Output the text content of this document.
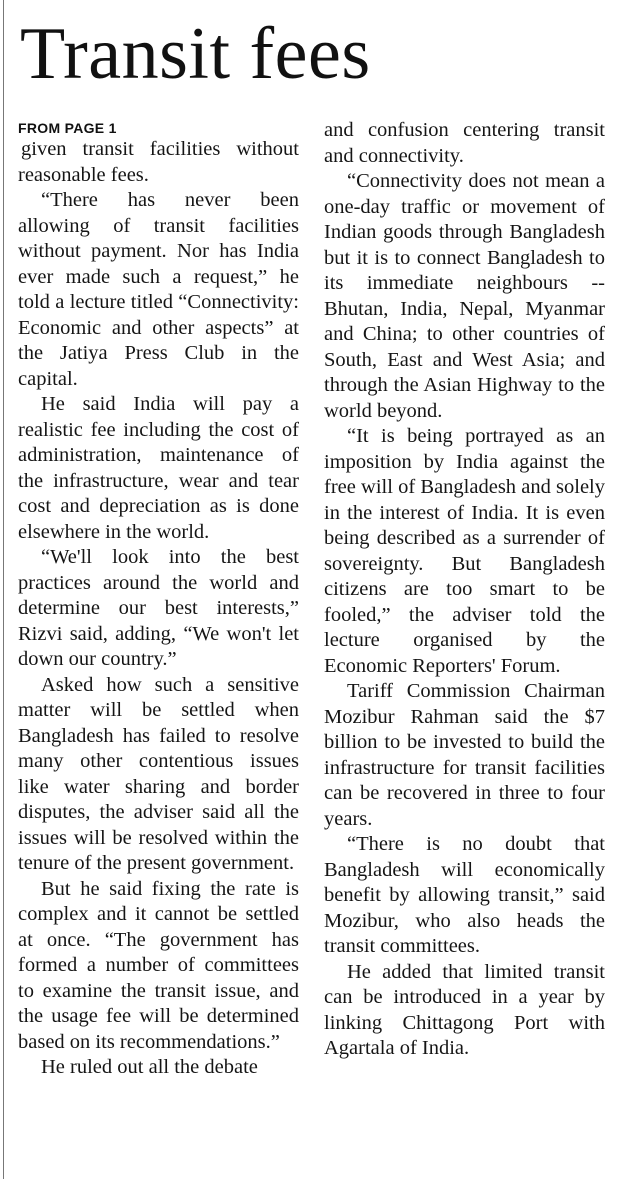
Transit fees
FROM PAGE 1

given transit facilities without reasonable fees.

“There has never been allowing of transit facilities without payment. Nor has India ever made such a request,” he told a lecture titled “Connectivity: Economic and other aspects” at the Jatiya Press Club in the capital.

He said India will pay a realistic fee including the cost of administration, maintenance of the infrastructure, wear and tear cost and depreciation as is done elsewhere in the world.

“We'll look into the best practices around the world and determine our best interests,” Rizvi said, adding, “We won't let down our country.”

Asked how such a sensitive matter will be settled when Bangladesh has failed to resolve many other contentious issues like water sharing and border disputes, the adviser said all the issues will be resolved within the tenure of the present government.

But he said fixing the rate is complex and it cannot be settled at once. “The government has formed a number of committees to examine the transit issue, and the usage fee will be determined based on its recommendations.”

He ruled out all the debate

and confusion centering transit and connectivity.

“Connectivity does not mean a one-day traffic or movement of Indian goods through Bangladesh but it is to connect Bangladesh to its immediate neighbours -- Bhutan, India, Nepal, Myanmar and China; to other countries of South, East and West Asia; and through the Asian Highway to the world beyond.

“It is being portrayed as an imposition by India against the free will of Bangladesh and solely in the interest of India. It is even being described as a surrender of sovereignty. But Bangladesh citizens are too smart to be fooled,” the adviser told the lecture organised by the Economic Reporters' Forum.

Tariff Commission Chairman Mozibur Rahman said the $7 billion to be invested to build the infrastructure for transit facilities can be recovered in three to four years.

“There is no doubt that Bangladesh will economically benefit by allowing transit,” said Mozibur, who also heads the transit committees.

He added that limited transit can be introduced in a year by linking Chittagong Port with Agartala of India.
